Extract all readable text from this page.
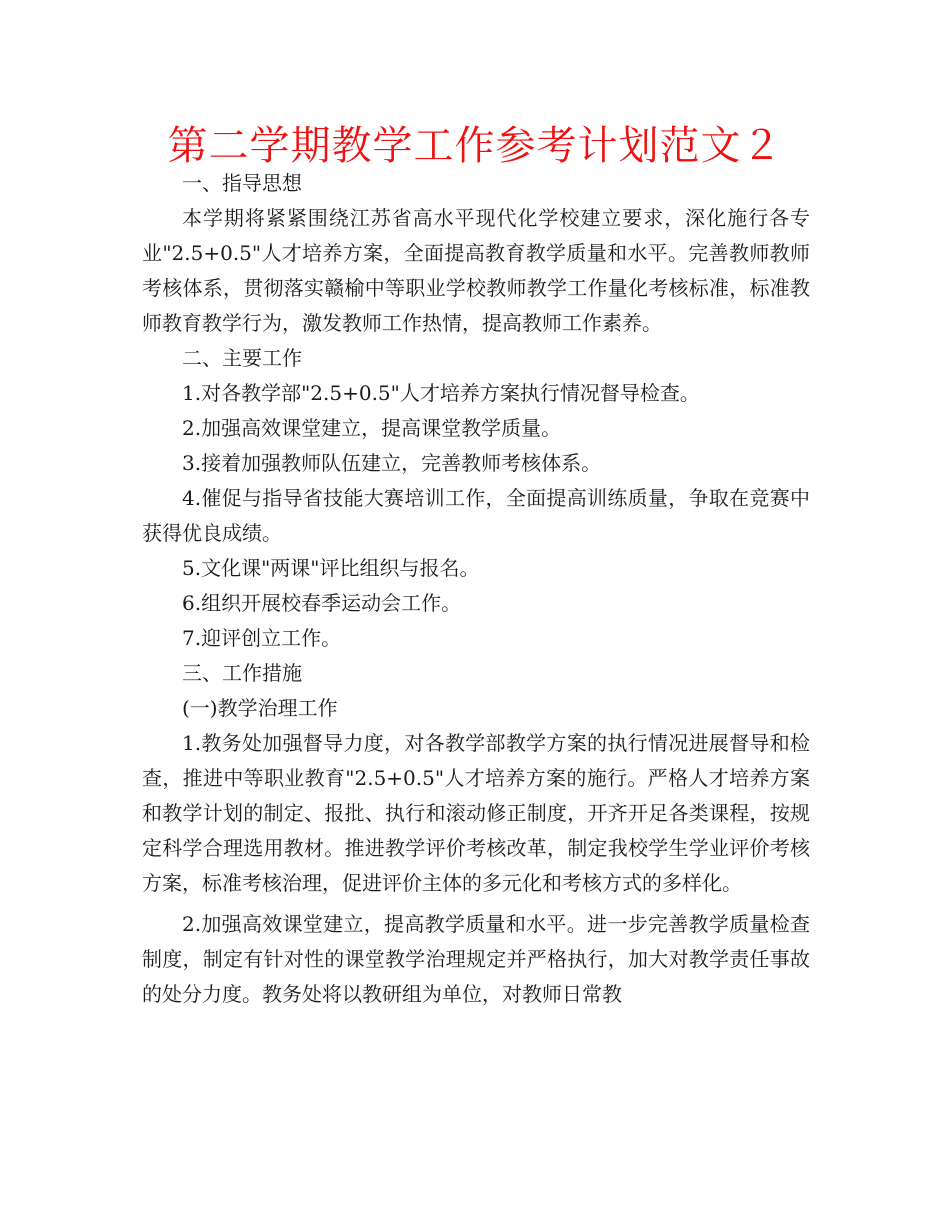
第二学期教学工作参考计划范文２

一、指导思想

本学期将紧紧围绕江苏省高水平现代化学校建立要求，深化施行各专业"2.5+0.5"人才培养方案，全面提高教育教学质量和水平。完善教师教师考核体系，贯彻落实赣榆中等职业学校教师教学工作量化考核标准，标准教师教育教学行为，激发教师工作热情，提高教师工作素养。

二、主要工作

1.对各教学部"2.5+0.5"人才培养方案执行情况督导检查。

2.加强高效课堂建立，提高课堂教学质量。

3.接着加强教师队伍建立，完善教师考核体系。

4.催促与指导省技能大赛培训工作，全面提高训练质量，争取在竞赛中获得优良成绩。

5.文化课"两课"评比组织与报名。

6.组织开展校春季运动会工作。

7.迎评创立工作。

三、工作措施

(一)教学治理工作

1.教务处加强督导力度，对各教学部教学方案的执行情况进展督导和检查，推进中等职业教育"2.5+0.5"人才培养方案的施行。严格人才培养方案和教学计划的制定、报批、执行和滚动修正制度，开齐开足各类课程，按规定科学合理选用教材。推进教学评价考核改革，制定我校学生学业评价考核方案，标准考核治理，促进评价主体的多元化和考核方式的多样化。

2.加强高效课堂建立，提高教学质量和水平。进一步完善教学质量检查制度，制定有针对性的课堂教学治理规定并严格执行，加大对教学责任事故的处分力度。教务处将以教研组为单位，对教师日常教
